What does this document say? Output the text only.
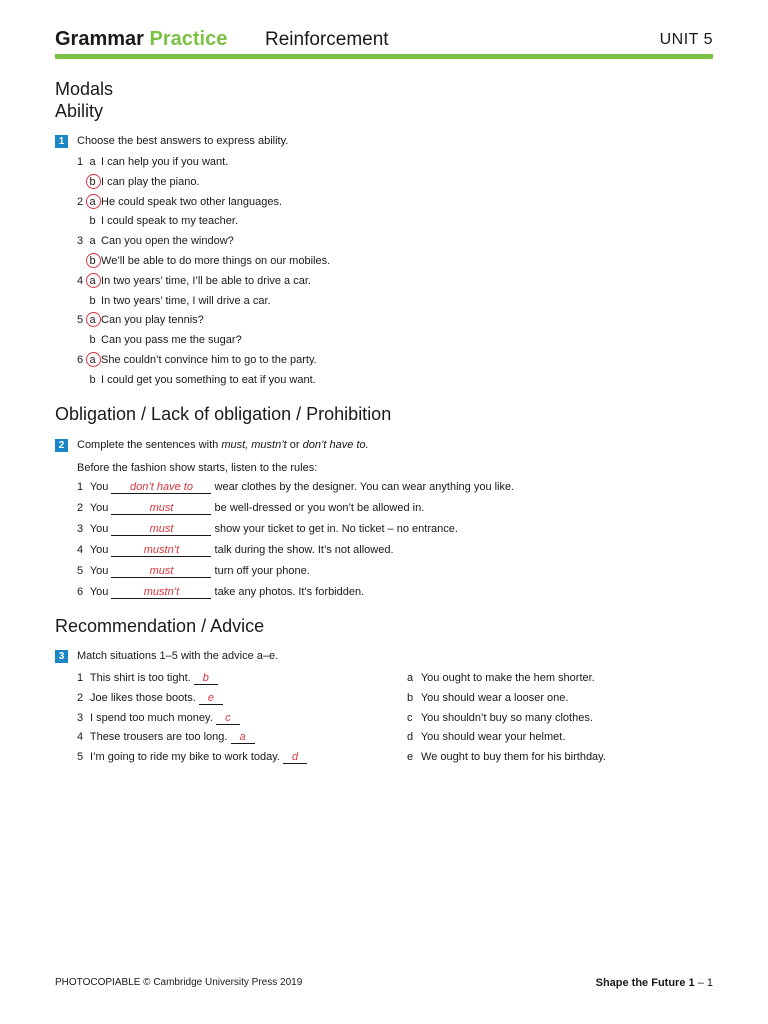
Grammar Practice Reinforcement	UNIT 5
Modals
Ability
1	Choose the best answers to express ability.
1 a I can help you if you want.
b I can play the piano.
2 a He could speak two other languages.
b I could speak to my teacher.
3 a Can you open the window?
b We’ll be able to do more things on our mobiles.
4 a In two years’ time, I’ll be able to drive a car.
b In two years’ time, I will drive a car.
5 a Can you play tennis?
b Can you pass me the sugar?
6 a She couldn’t convince him to go to the party.
b I could get you something to eat if you want.
Obligation / Lack of obligation / Prohibition
2	Complete the sentences with must, mustn’t or don’t have to.
Before the fashion show starts, listen to the rules:
1 You don’t have to wear clothes by the designer. You can wear anything you like.
2 You	must	be well-dressed or you won’t be allowed in.
3 You	must	show your ticket to get in. No ticket – no entrance.
4 You	mustn’t	talk during the show. It’s not allowed.
5 You	must	turn off your phone.
6 You	mustn’t	take any photos. It’s forbidden.
Recommendation / Advice
3	Match situations 1–5 with the advice a–e.
1 This shirt is too tight. b
2 Joe likes those boots. e
3 I spend too much money. c
4 These trousers are too long. a
5 I’m going to ride my bike to work today. d
a You ought to make the hem shorter.
b You should wear a looser one.
c You shouldn’t buy so many clothes.
d You should wear your helmet.
e We ought to buy them for his birthday.
PHOTOCOPIABLE © Cambridge University Press 2019	Shape the Future 1 – 1
